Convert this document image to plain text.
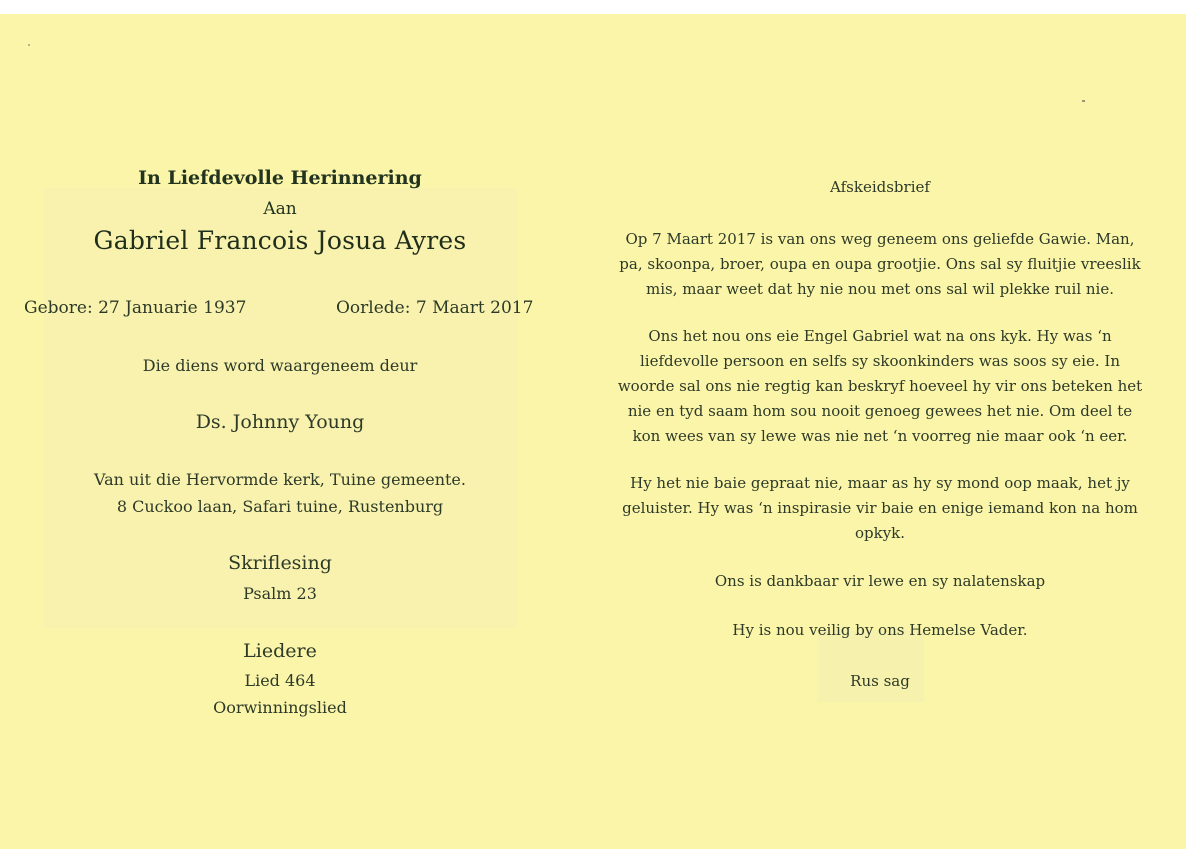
In Liefdevolle Herinnering
Aan
Gabriel Francois Josua Ayres
Gebore: 27 Januarie 1937	Oorlede: 7 Maart 2017
Die diens word waargeneem deur
Ds. Johnny Young
Van uit die Hervormde kerk, Tuine gemeente.
8 Cuckoo laan, Safari tuine, Rustenburg
Skriflesing
Psalm 23
Liedere
Lied 464
Oorwinningslied
Afskeidsbrief
Op 7 Maart 2017 is van ons weg geneem ons geliefde Gawie. Man,
pa, skoonpa, broer, oupa en oupa grootjie. Ons sal sy fluitjie vreeslik
mis, maar weet dat hy nie nou met ons sal wil plekke ruil nie.
Ons het nou ons eie Engel Gabriel wat na ons kyk. Hy was ‘n
liefdevolle persoon en selfs sy skoonkinders was soos sy eie. In
woorde sal ons nie regtig kan beskryf hoeveel hy vir ons beteken het
nie en tyd saam hom sou nooit genoeg gewees het nie. Om deel te
kon wees van sy lewe was nie net ‘n voorreg nie maar ook ‘n eer.
Hy het nie baie gepraat nie, maar as hy sy mond oop maak, het jy
geluister. Hy was ‘n inspirasie vir baie en enige iemand kon na hom
opkyk.
Ons is dankbaar vir lewe en sy nalatenskap
Hy is nou veilig by ons Hemelse Vader.
Rus sag
